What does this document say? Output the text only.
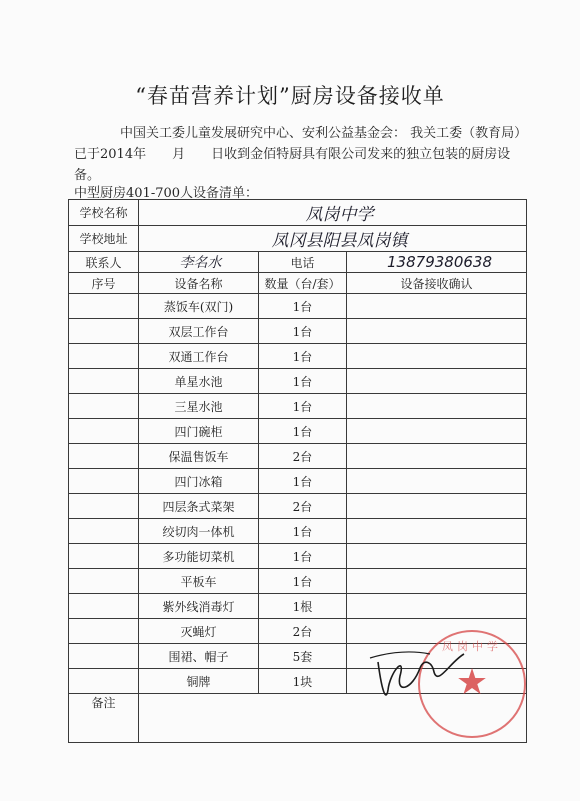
“春苗营养计划”厨房设备接收单
中国关工委儿童发展研究中心、安利公益基金会： 我关工委（教育局）已于2014年　　月　　日收到金佰特厨具有限公司发来的独立包装的厨房设备。
中型厨房401-700人设备清单：
学校名称	凤岗中学		
学校地址	凤冈县阳县凤岗镇		
联系人	李名水	电话	13879380638
序号	设备名称	数量（台/套）	设备接收确认
	蒸饭车(双门)	1台	
	双层工作台	1台	
	双通工作台	1台	
	单星水池	1台	
	三星水池	1台	
	四门碗柜	1台	
	保温售饭车	2台	
	四门冰箱	1台	
	四层条式菜架	2台	
	绞切肉一体机	1台	
	多功能切菜机	1台	
	平板车	1台	
	紫外线消毒灯	1根	
	灭蝇灯	2台	
	围裙、帽子	5套	
	铜牌	1块	
备注			
凤岗中学
★
